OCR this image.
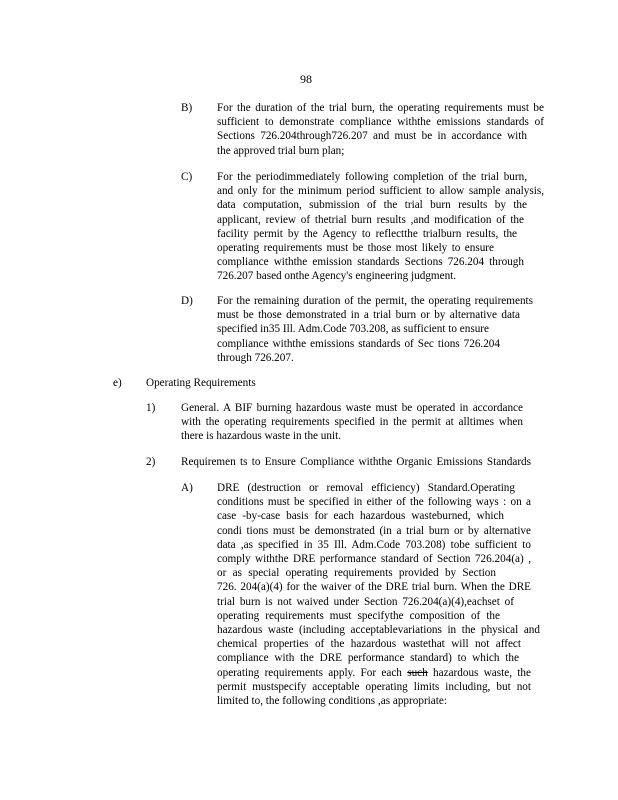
98
B) For the duration of the trial burn, the operating requirements must be
sufficient to demonstrate compliance withthe emissions standards of
Sections 726.204through726.207 and must be in accordance with
the approved trial burn plan;
C) For the periodimmediately following completion of the trial burn,
and only for the minimum period sufficient to allow sample analysis,
data computation, submission of the trial burn results by the
applicant, review of thetrial burn results ,and modification of the
facility permit by the Agency to reflectthe trialburn results, the
operating requirements must be those most likely to ensure
compliance withthe emission standards Sections 726.204 through
726.207 based onthe Agency's engineering judgment.
D) For the remaining duration of the permit, the operating requirements
must be those demonstrated in a trial burn or by alternative data
specified in35 Ill. Adm.Code 703.208, as sufficient to ensure
compliance withthe emissions standards of Sec tions 726.204
through 726.207.
e) Operating Requirements
1) General. A BIF burning hazardous waste must be operated in accordance
with the operating requirements specified in the permit at alltimes when
there is hazardous waste in the unit.
2) Requiremen ts to Ensure Compliance withthe Organic Emissions Standards
A) DRE (destruction or removal efficiency) Standard.Operating
conditions must be specified in either of the following ways : on a
case -by-case basis for each hazardous wasteburned, which
condi tions must be demonstrated (in a trial burn or by alternative
data ,as specified in 35 Ill. Adm.Code 703.208) tobe sufficient to
comply withthe DRE performance standard of Section 726.204(a) ,
or as special operating requirements provided by Section
726. 204(a)(4) for the waiver of the DRE trial burn. When the DRE
trial burn is not waived under Section 726.204(a)(4),eachset of
operating requirements must specifythe composition of the
hazardous waste (including acceptablevariations in the physical and
chemical properties of the hazardous wastethat will not affect
compliance with the DRE performance standard) to which the
operating requirements apply. For each such hazardous waste, the
permit mustspecify acceptable operating limits including, but not
limited to, the following conditions ,as appropriate:
